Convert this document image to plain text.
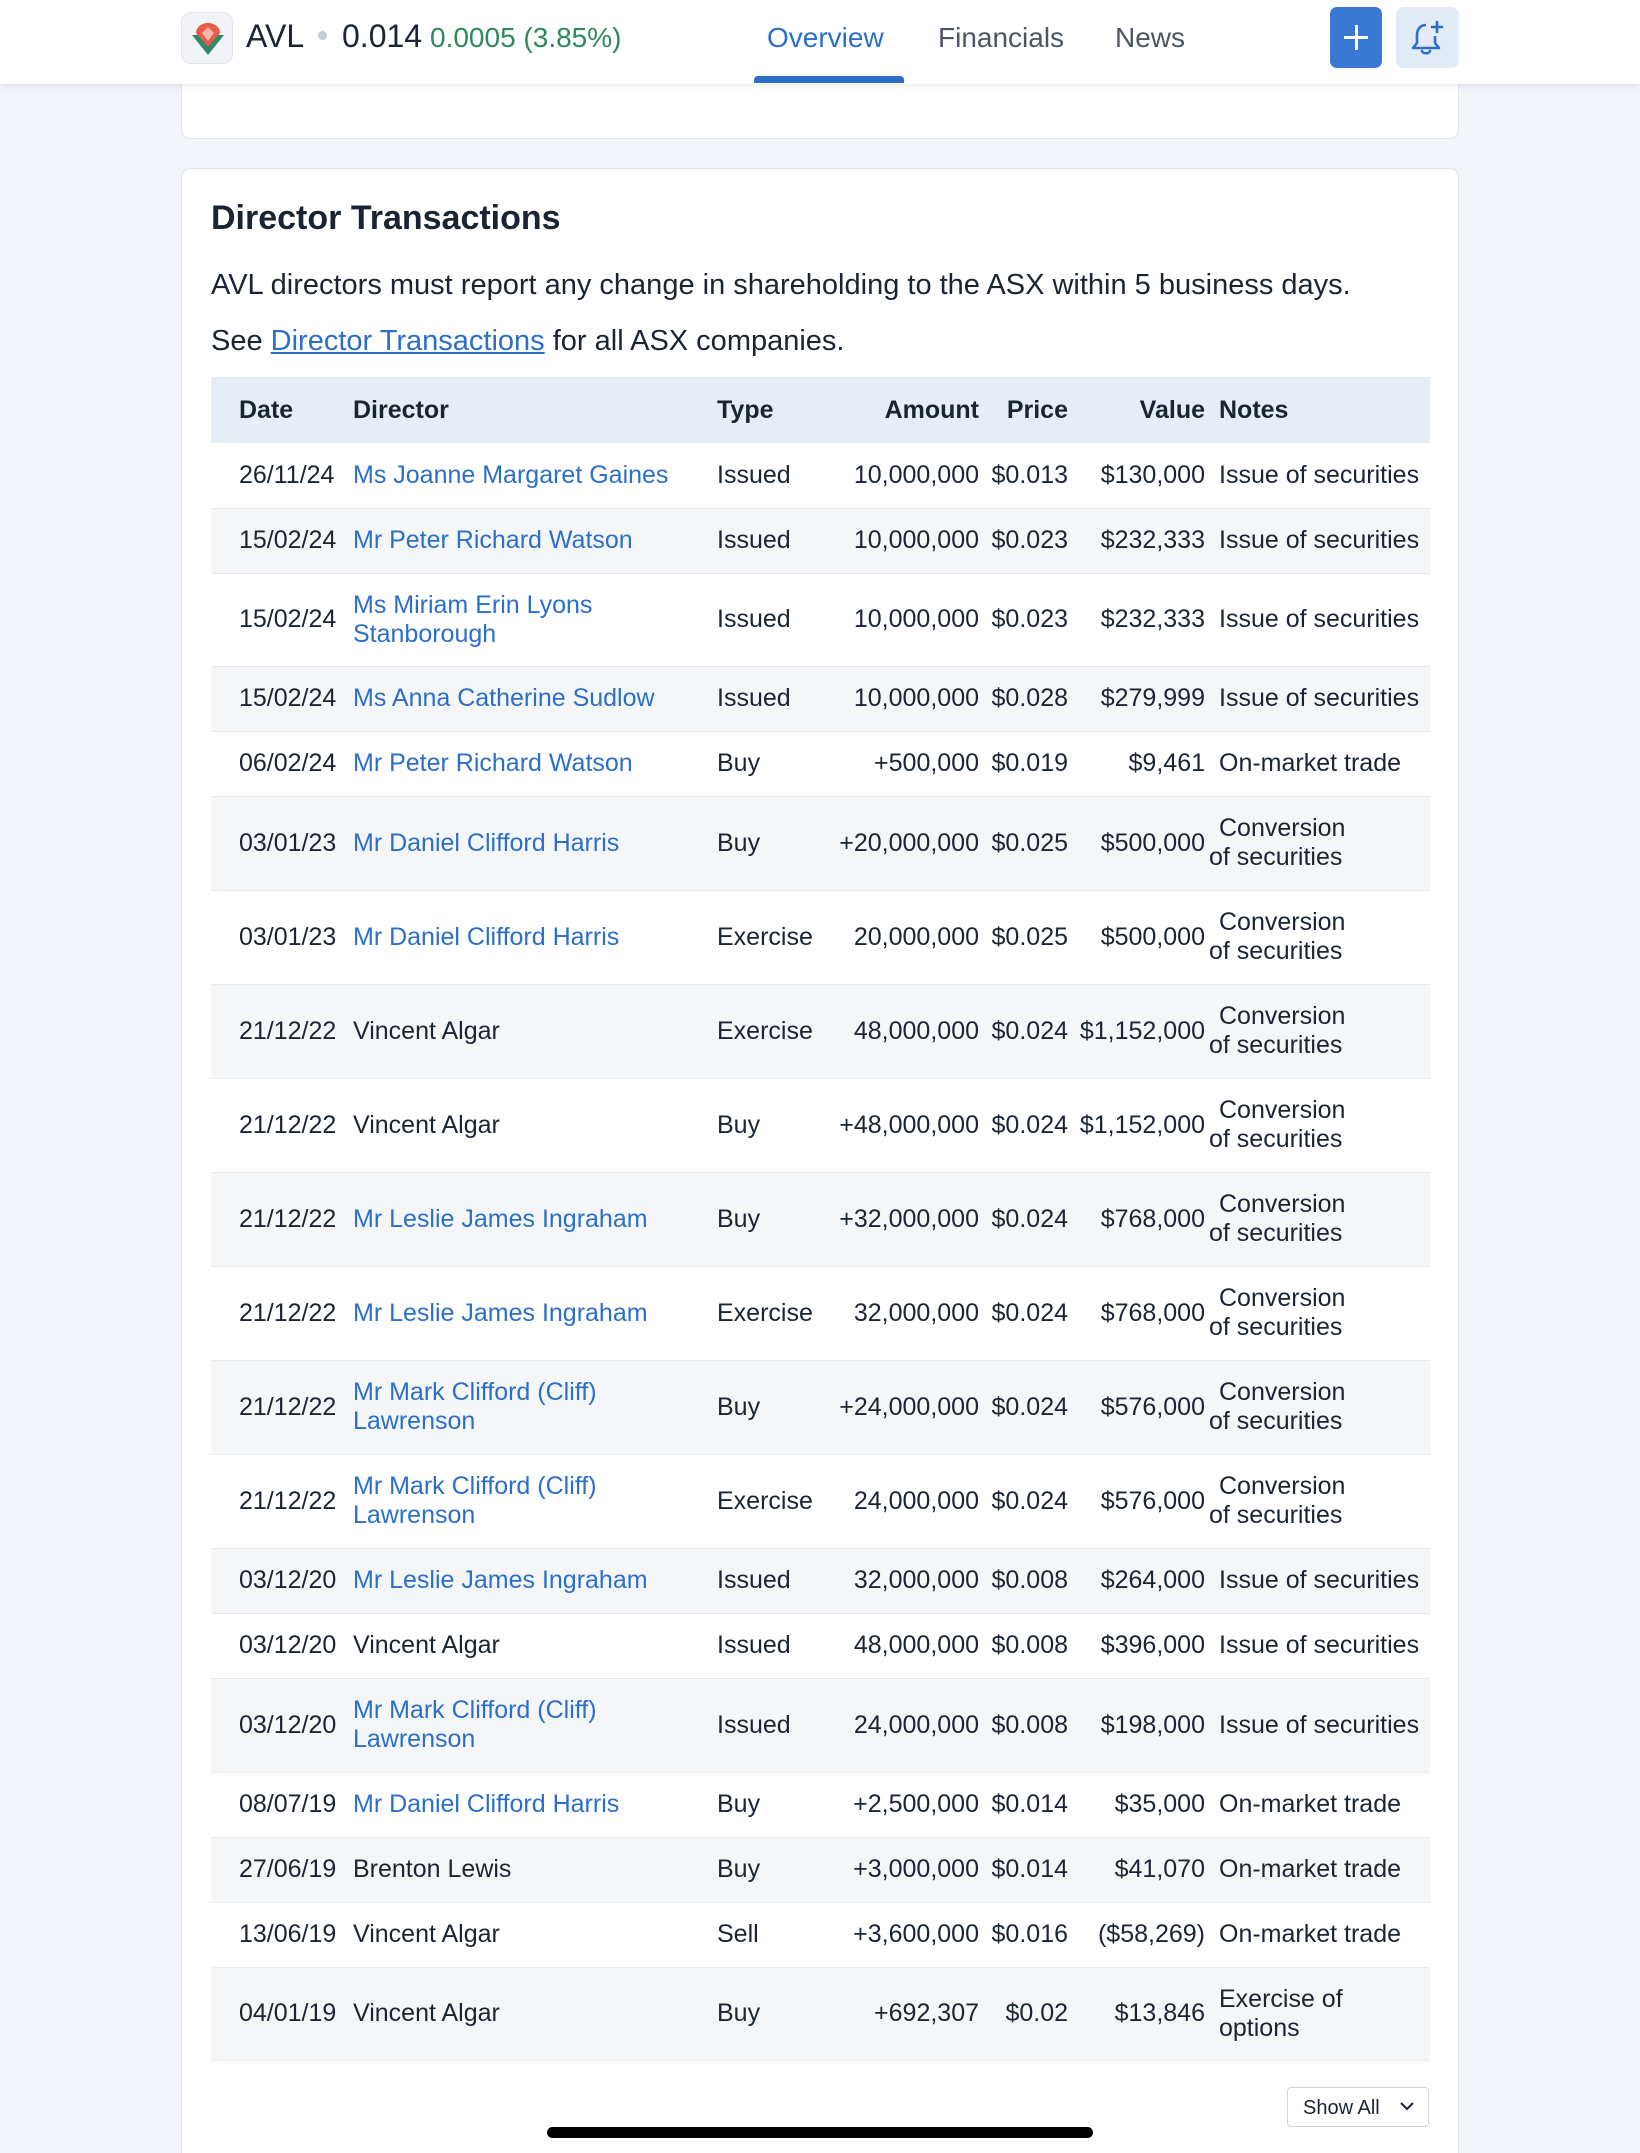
AVL 0.014 0.0005 (3.85%)	Overview Financials News
Director Transactions

AVL directors must report any change in shareholding to the ASX within 5 business days.

See Director Transactions for all ASX companies.

Date	Director	Type	Amount	Price	Value	Notes
26/11/24	Ms Joanne Margaret Gaines	Issued	10,000,000	$0.013	$130,000	Issue of securities
15/02/24	Mr Peter Richard Watson	Issued	10,000,000	$0.023	$232,333	Issue of securities
15/02/24	Ms Miriam Erin Lyons Stanborough	Issued	10,000,000	$0.023	$232,333	Issue of securities
15/02/24	Ms Anna Catherine Sudlow	Issued	10,000,000	$0.028	$279,999	Issue of securities
06/02/24	Mr Peter Richard Watson	Buy	+500,000	$0.019	$9,461	On-market trade
03/01/23	Mr Daniel Clifford Harris	Buy	+20,000,000	$0.025	$500,000	Conversion of securities
03/01/23	Mr Daniel Clifford Harris	Exercise	20,000,000	$0.025	$500,000	Conversion of securities
21/12/22	Vincent Algar	Exercise	48,000,000	$0.024	$1,152,000	Conversion of securities
21/12/22	Vincent Algar	Buy	+48,000,000	$0.024	$1,152,000	Conversion of securities
21/12/22	Mr Leslie James Ingraham	Buy	+32,000,000	$0.024	$768,000	Conversion of securities
21/12/22	Mr Leslie James Ingraham	Exercise	32,000,000	$0.024	$768,000	Conversion of securities
21/12/22	Mr Mark Clifford (Cliff) Lawrenson	Buy	+24,000,000	$0.024	$576,000	Conversion of securities
21/12/22	Mr Mark Clifford (Cliff) Lawrenson	Exercise	24,000,000	$0.024	$576,000	Conversion of securities
03/12/20	Mr Leslie James Ingraham	Issued	32,000,000	$0.008	$264,000	Issue of securities
03/12/20	Vincent Algar	Issued	48,000,000	$0.008	$396,000	Issue of securities
03/12/20	Mr Mark Clifford (Cliff) Lawrenson	Issued	24,000,000	$0.008	$198,000	Issue of securities
08/07/19	Mr Daniel Clifford Harris	Buy	+2,500,000	$0.014	$35,000	On-market trade
27/06/19	Brenton Lewis	Buy	+3,000,000	$0.014	$41,070	On-market trade
13/06/19	Vincent Algar	Sell	+3,600,000	$0.016	($58,269)	On-market trade
04/01/19	Vincent Algar	Buy	+692,307	$0.02	$13,846	Exercise of options
Show All
